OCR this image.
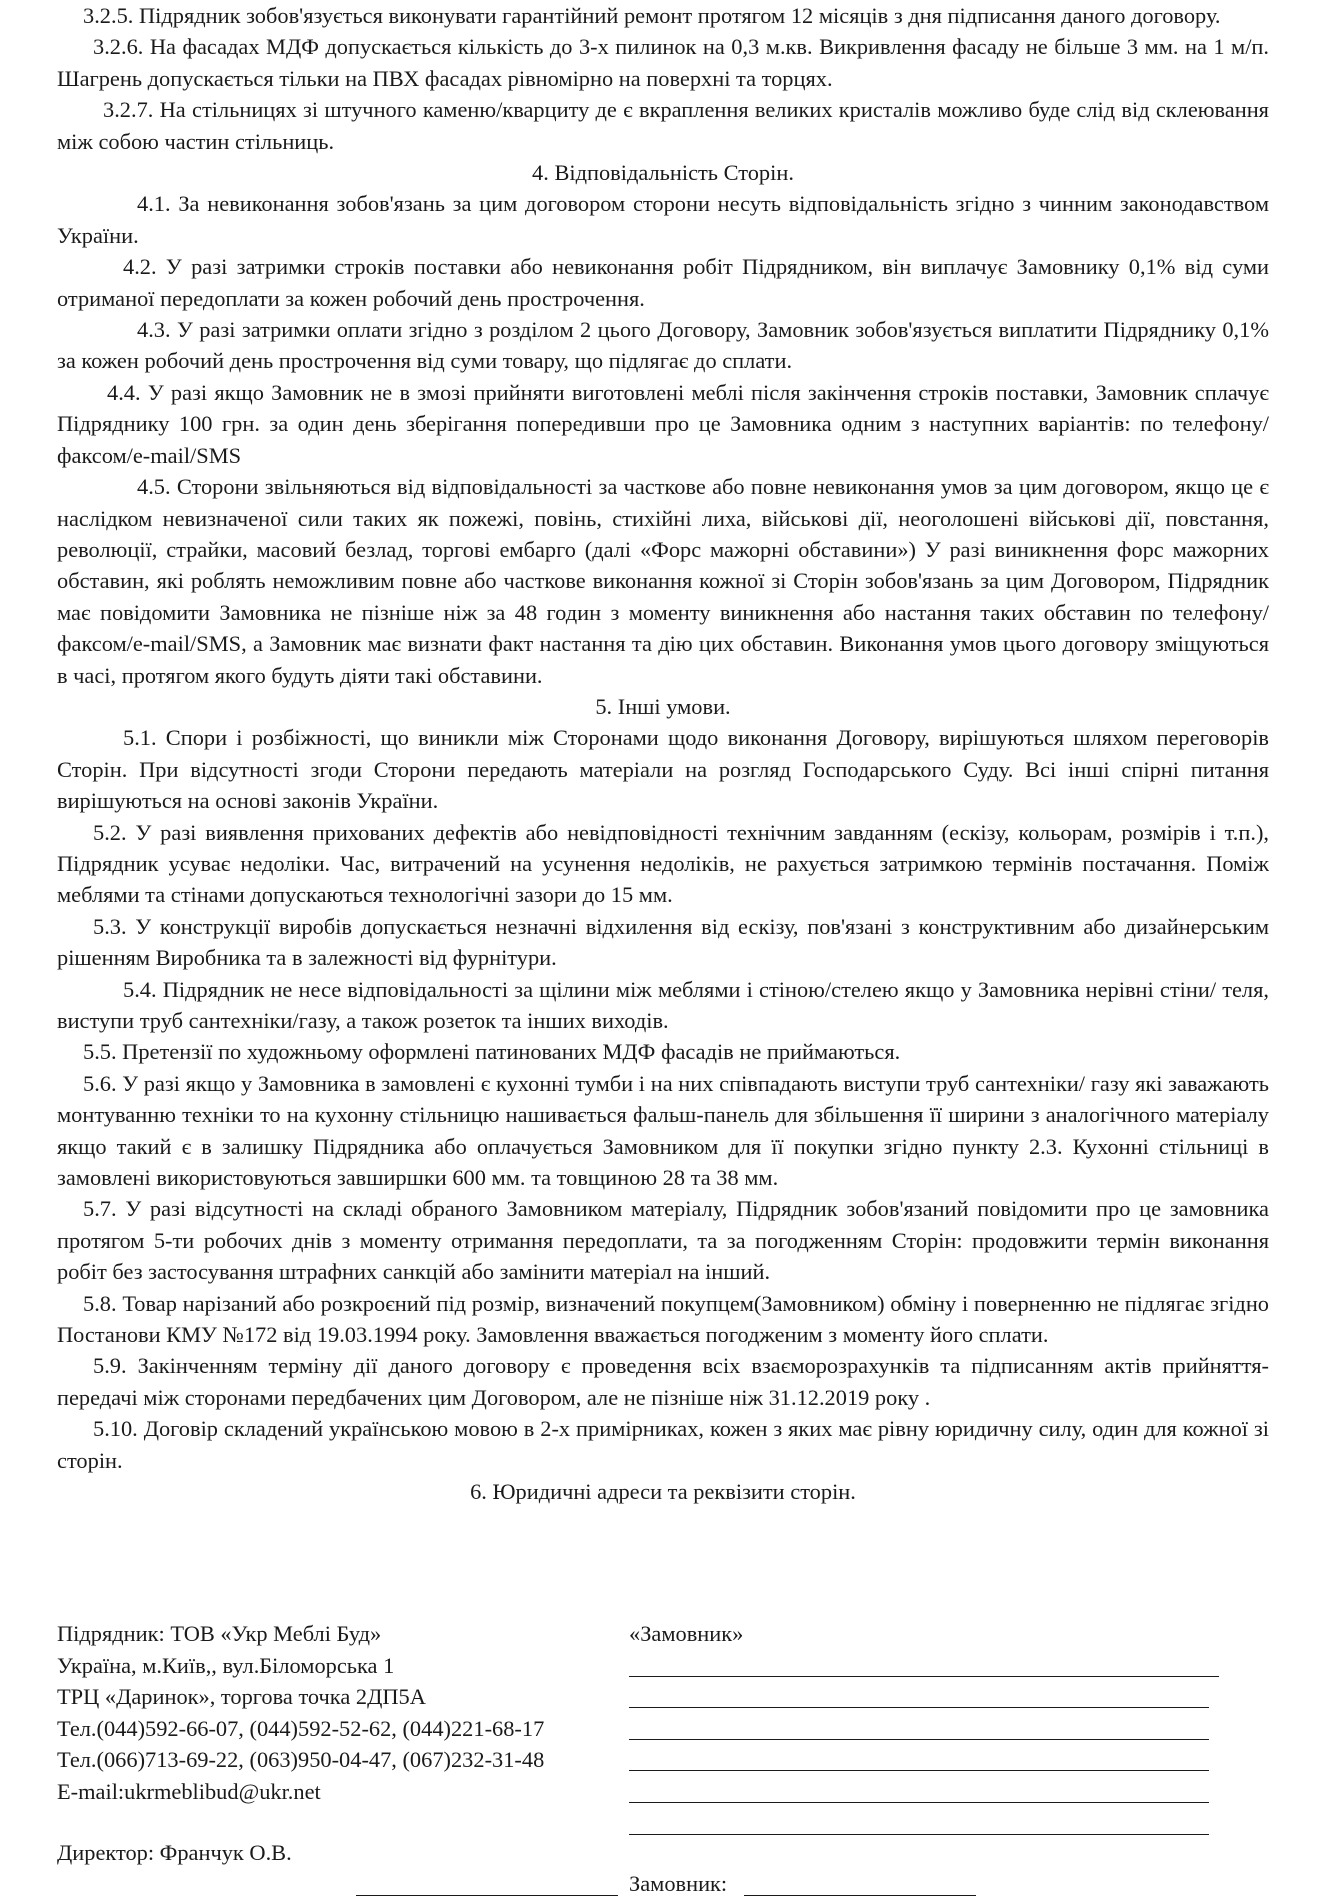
3.2.5. Підрядник зобов'язується виконувати гарантійний ремонт протягом 12 місяців з дня підписання даного договору.

3.2.6. На фасадах МДФ допускається кількість до 3-х пилинок на 0,3 м.кв. Викривлення фасаду не більше 3 мм. на 1 м/п. Шагрень допускається тільки на ПВХ фасадах рівномірно на поверхні та торцях.

3.2.7. На стільницях зі штучного каменю/кварциту де є вкраплення великих кристалів можливо буде слід від склеювання між собою частин стільниць.

4. Відповідальність Сторін.

4.1. За невиконання зобов'язань за цим договором сторони несуть відповідальність згідно з чинним законодавством України.

4.2. У разі затримки строків поставки або невиконання робіт Підрядником, він виплачує Замовнику 0,1% від суми отриманої передоплати за кожен робочий день прострочення.

4.3. У разі затримки оплати згідно з розділом 2 цього Договору, Замовник зобов'язується виплатити Підряднику 0,1% за кожен робочий день прострочення від суми товару, що підлягає до сплати.

4.4. У разі якщо Замовник не в змозі прийняти виготовлені меблі після закінчення строків поставки, Замовник сплачує Підряднику 100 грн. за один день зберігання попередивши про це Замовника одним з наступних варіантів: по телефону/факсом/e-mail/SMS

4.5. Сторони звільняються від відповідальності за часткове або повне невиконання умов за цим договором, якщо це є наслідком невизначеної сили таких як пожежі, повінь, стихійні лиха, військові дії, неоголошені військові дії, повстання, революції, страйки, масовий безлад, торгові ембарго (далі «Форс мажорні обставини») У разі виникнення форс мажорних обставин, які роблять неможливим повне або часткове виконання кожної зі Сторін зобов'язань за цим Договором, Підрядник має повідомити Замовника не пізніше ніж за 48 годин з моменту виникнення або настання таких обставин по телефону/факсом/e-mail/SMS, а Замовник має визнати факт настання та дію цих обставин. Виконання умов цього договору зміщуються в часі, протягом якого будуть діяти такі обставини.

5. Інші умови.

5.1. Спори і розбіжності, що виникли між Сторонами щодо виконання Договору, вирішуються шляхом переговорів Сторін. При відсутності згоди Сторони передають матеріали на розгляд Господарського Суду. Всі інші спірні питання вирішуються на основі законів України.

5.2. У разі виявлення прихованих дефектів або невідповідності технічним завданням (ескізу, кольорам, розмірів і т.п.), Підрядник усуває недоліки. Час, витрачений на усунення недоліків, не рахується затримкою термінів постачання. Поміж меблями та стінами допускаються технологічні зазори до 15 мм.

5.3. У конструкції виробів допускається незначні відхилення від ескізу, пов'язані з конструктивним або дизайнерським рішенням Виробника та в залежності від фурнітури.

5.4. Підрядник не несе відповідальності за щілини між меблями і стіною/стелею якщо у Замовника нерівні стіни/ теля, виступи труб сантехніки/газу, а також розеток та інших виходів.

5.5. Претензії по художньому оформлені патинованих МДФ фасадів не приймаються.

5.6. У разі якщо у Замовника в замовлені є кухонні тумби і на них співпадають виступи труб сантехніки/ газу які заважають монтуванню техніки то на кухонну стільницю нашивається фальш-панель для збільшення її ширини з аналогічного матеріалу якщо такий є в залишку Підрядника або оплачується Замовником для її покупки згідно пункту 2.3. Кухонні стільниці в замовлені використовуються завширшки 600 мм. та товщиною 28 та 38 мм.

5.7. У разі відсутності на складі обраного Замовником матеріалу, Підрядник зобов'язаний повідомити про це замовника протягом 5-ти робочих днів з моменту отримання передоплати, та за погодженням Сторін: продовжити термін виконання робіт без застосування штрафних санкцій або замінити матеріал на інший.

5.8. Товар нарізаний або розкроєний під розмір, визначений покупцем(Замовником) обміну і поверненню не підлягає згідно Постанови КМУ №172 від 19.03.1994 року. Замовлення вважається погодженим з моменту його сплати.

5.9. Закінченням терміну дії даного договору є проведення всіх взаєморозрахунків та підписанням актів прийняття-передачі між сторонами передбачених цим Договором, але не пізніше ніж 31.12.2019 року .

5.10. Договір складений українською мовою в 2-х примірниках, кожен з яких має рівну юридичну силу, один для кожної зі сторін.

6. Юридичні адреси та реквізити сторін.

Підрядник: ТОВ «Укр Меблі Буд»	«Замовник»
Україна, м.Київ,, вул.Біломорська 1
ТРЦ «Даринок», торгова точка 2ДП5А
Тел.(044)592-66-07, (044)592-52-62, (044)221-68-17
Тел.(066)713-69-22, (063)950-04-47, (067)232-31-48
E-mail:ukrmeblibud@ukr.net
Директор: Франчук О.В.
Замовник:
